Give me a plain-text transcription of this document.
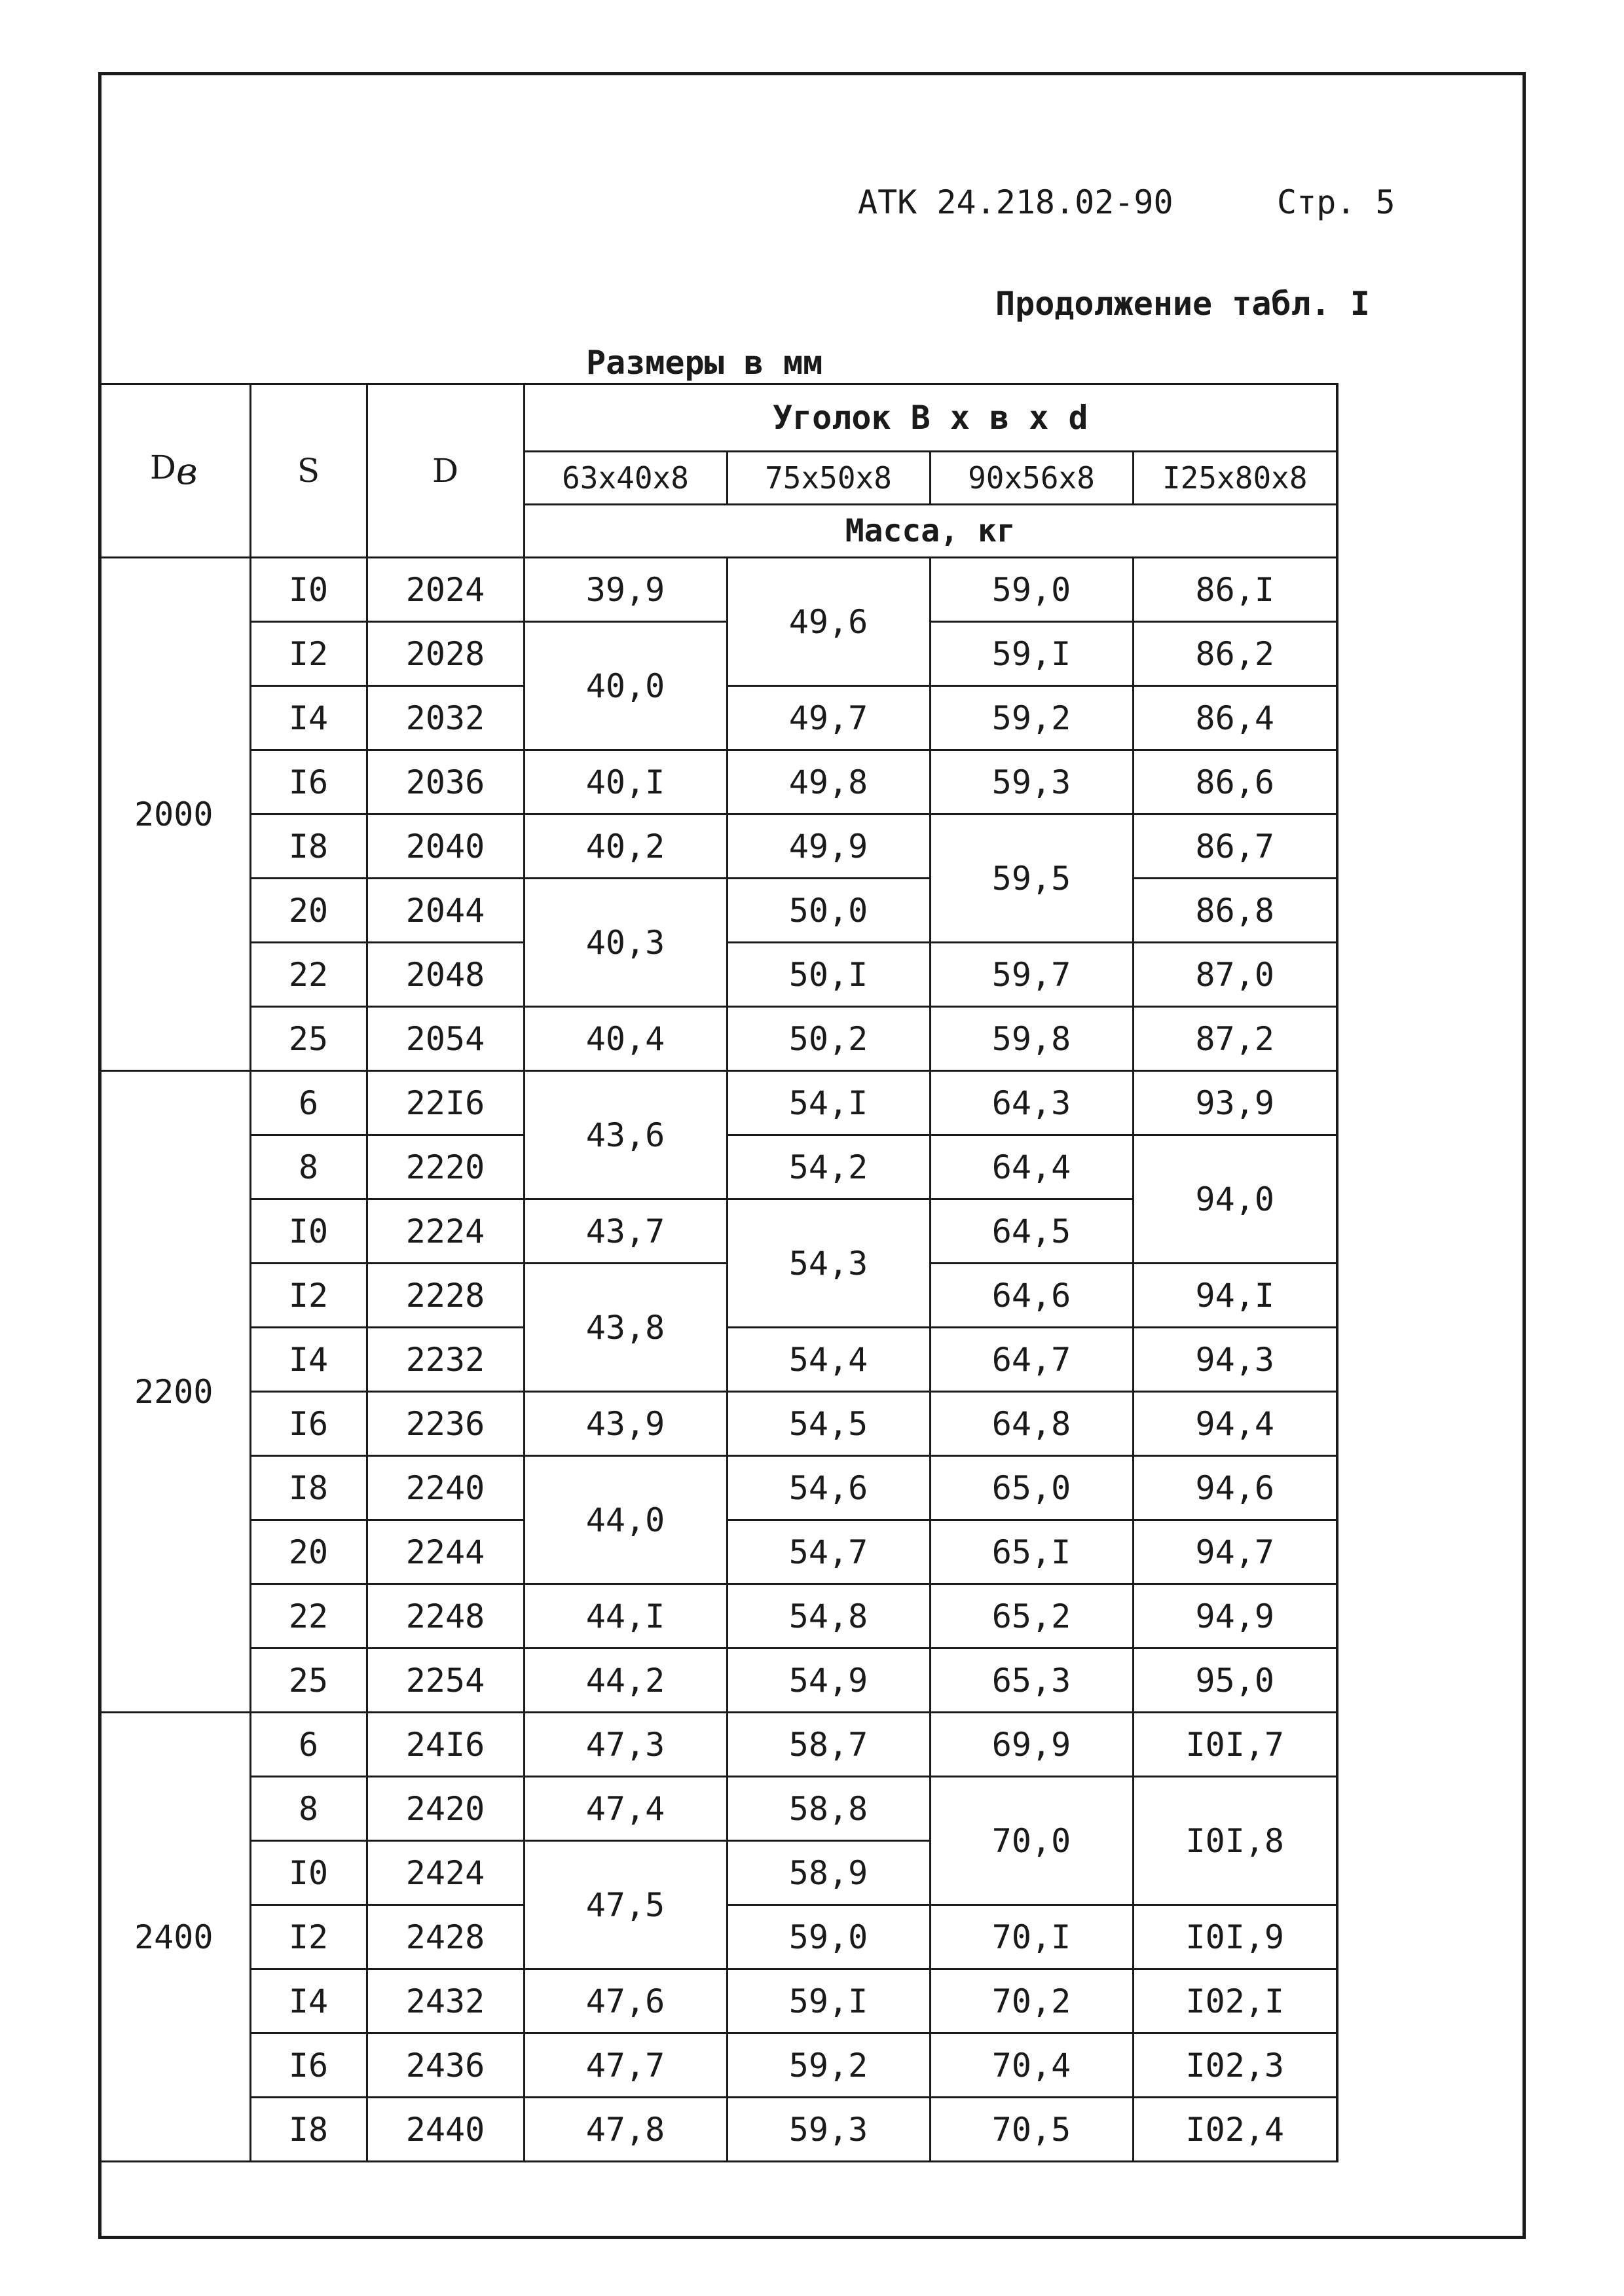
АТК 24.218.02-90	Стр. 5
Продолжение табл. I
Размеры в мм
Dв	S	D	Уголок В х в х d			
			63x40x8	75x50x8	90x56x8	I25x80x8
			Масса, кг			
2000	I0	2024	39,9	49,6	59,0	86,I
	I2	2028	40,0		59,I	86,2
	I4	2032		49,7	59,2	86,4
	I6	2036	40,I	49,8	59,3	86,6
	I8	2040	40,2	49,9	59,5	86,7
	20	2044	40,3	50,0		86,8
	22	2048		50,I	59,7	87,0
	25	2054	40,4	50,2	59,8	87,2
2200	6	22I6	43,6	54,I	64,3	93,9
	8	2220		54,2	64,4	94,0
	I0	2224	43,7	54,3	64,5	
	I2	2228	43,8		64,6	94,I
	I4	2232		54,4	64,7	94,3
	I6	2236	43,9	54,5	64,8	94,4
	I8	2240	44,0	54,6	65,0	94,6
	20	2244		54,7	65,I	94,7
	22	2248	44,I	54,8	65,2	94,9
	25	2254	44,2	54,9	65,3	95,0
2400	6	24I6	47,3	58,7	69,9	I0I,7
	8	2420	47,4	58,8	70,0	I0I,8
	I0	2424	47,5	58,9		
	I2	2428		59,0	70,I	I0I,9
	I4	2432	47,6	59,I	70,2	I02,I
	I6	2436	47,7	59,2	70,4	I02,3
	I8	2440	47,8	59,3	70,5	I02,4
